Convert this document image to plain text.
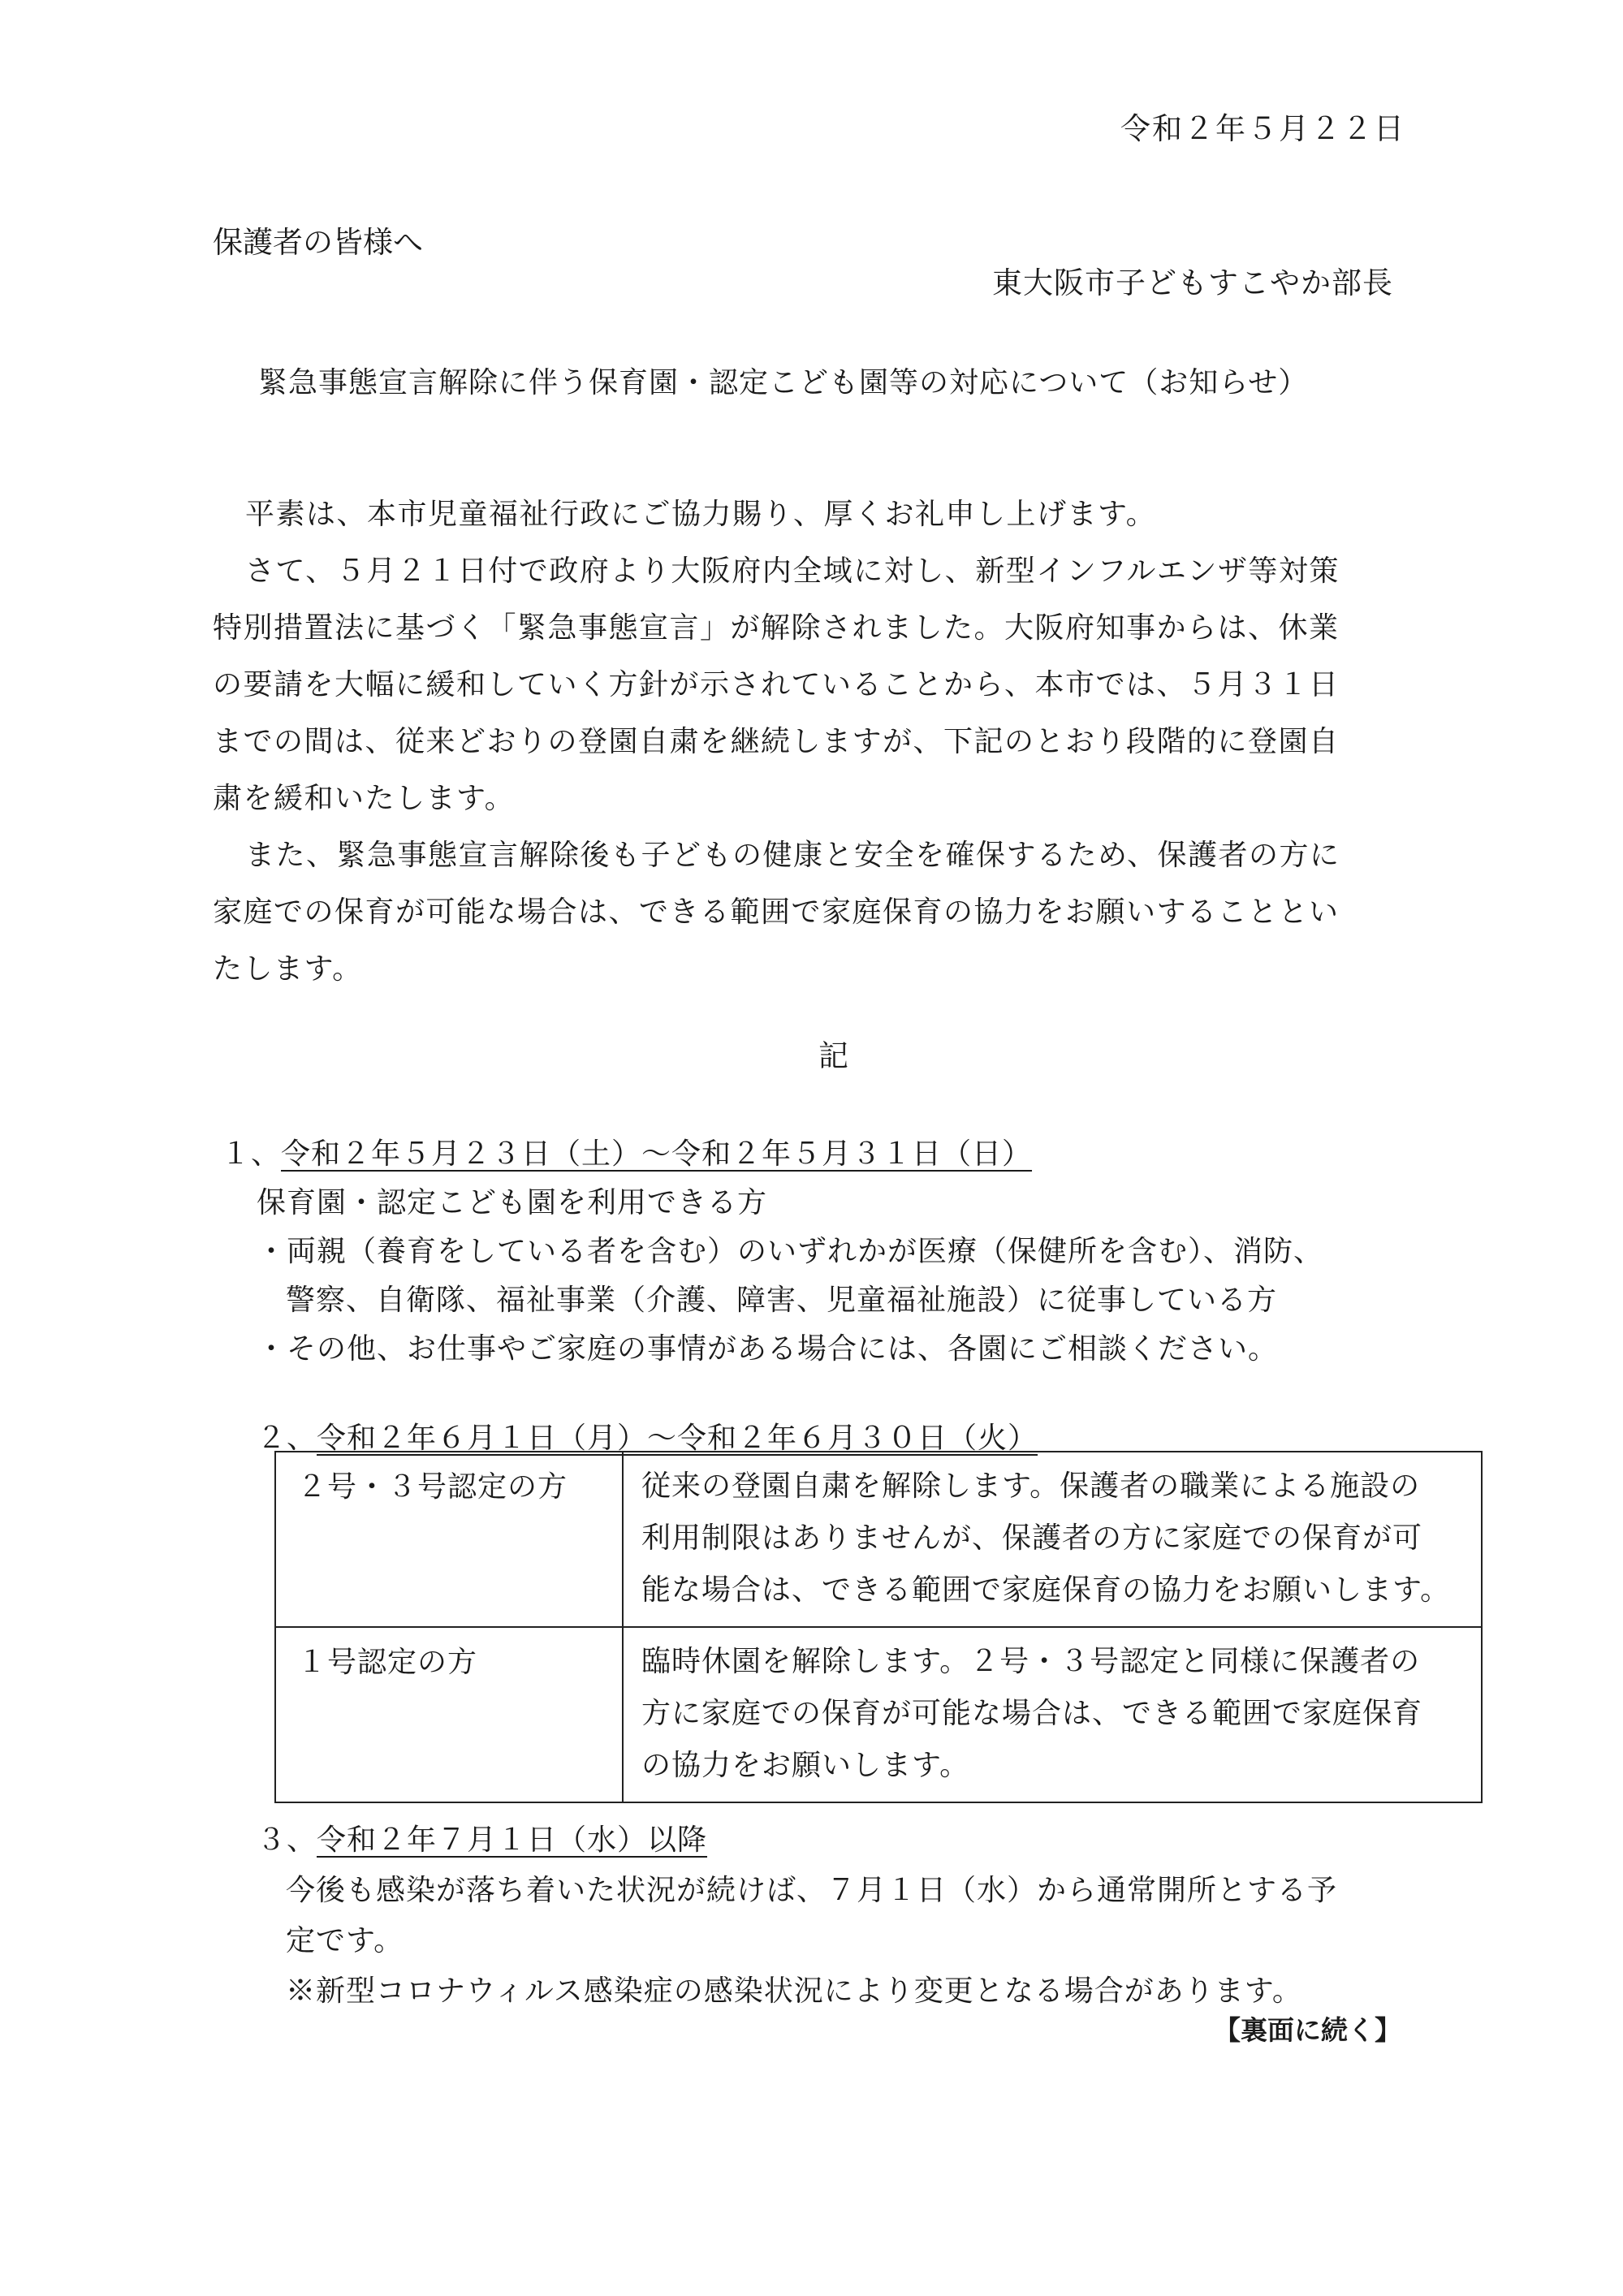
令和２年５月２２日
保護者の皆様へ
東大阪市子どもすこやか部長
緊急事態宣言解除に伴う保育園・認定こども園等の対応について（お知らせ）
平素は、本市児童福祉行政にご協力賜り、厚くお礼申し上げます。
さて、５月２１日付で政府より大阪府内全域に対し、新型インフルエンザ等対策
特別措置法に基づく「緊急事態宣言」が解除されました。大阪府知事からは、休業
の要請を大幅に緩和していく方針が示されていることから、本市では、５月３１日
までの間は、従来どおりの登園自粛を継続しますが、下記のとおり段階的に登園自
粛を緩和いたします。
また、緊急事態宣言解除後も子どもの健康と安全を確保するため、保護者の方に
家庭での保育が可能な場合は、できる範囲で家庭保育の協力をお願いすることとい
たします。
記
１、令和２年５月２３日（土）～令和２年５月３１日（日）
保育園・認定こども園を利用できる方
・両親（養育をしている者を含む）のいずれかが医療（保健所を含む）、消防、
警察、自衛隊、福祉事業（介護、障害、児童福祉施設）に従事している方
・その他、お仕事やご家庭の事情がある場合には、各園にご相談ください。
２、令和２年６月１日（月）～令和２年６月３０日（火）
２号・３号認定の方	従来の登園自粛を解除します。保護者の職業による施設の
利用制限はありませんが、保護者の方に家庭での保育が可
能な場合は、できる範囲で家庭保育の協力をお願いします。

１号認定の方	臨時休園を解除します。２号・３号認定と同様に保護者の
方に家庭での保育が可能な場合は、できる範囲で家庭保育
の協力をお願いします。
３、令和２年７月１日（水）以降
今後も感染が落ち着いた状況が続けば、７月１日（水）から通常開所とする予
定です。
※新型コロナウィルス感染症の感染状況により変更となる場合があります。
【裏面に続く】
